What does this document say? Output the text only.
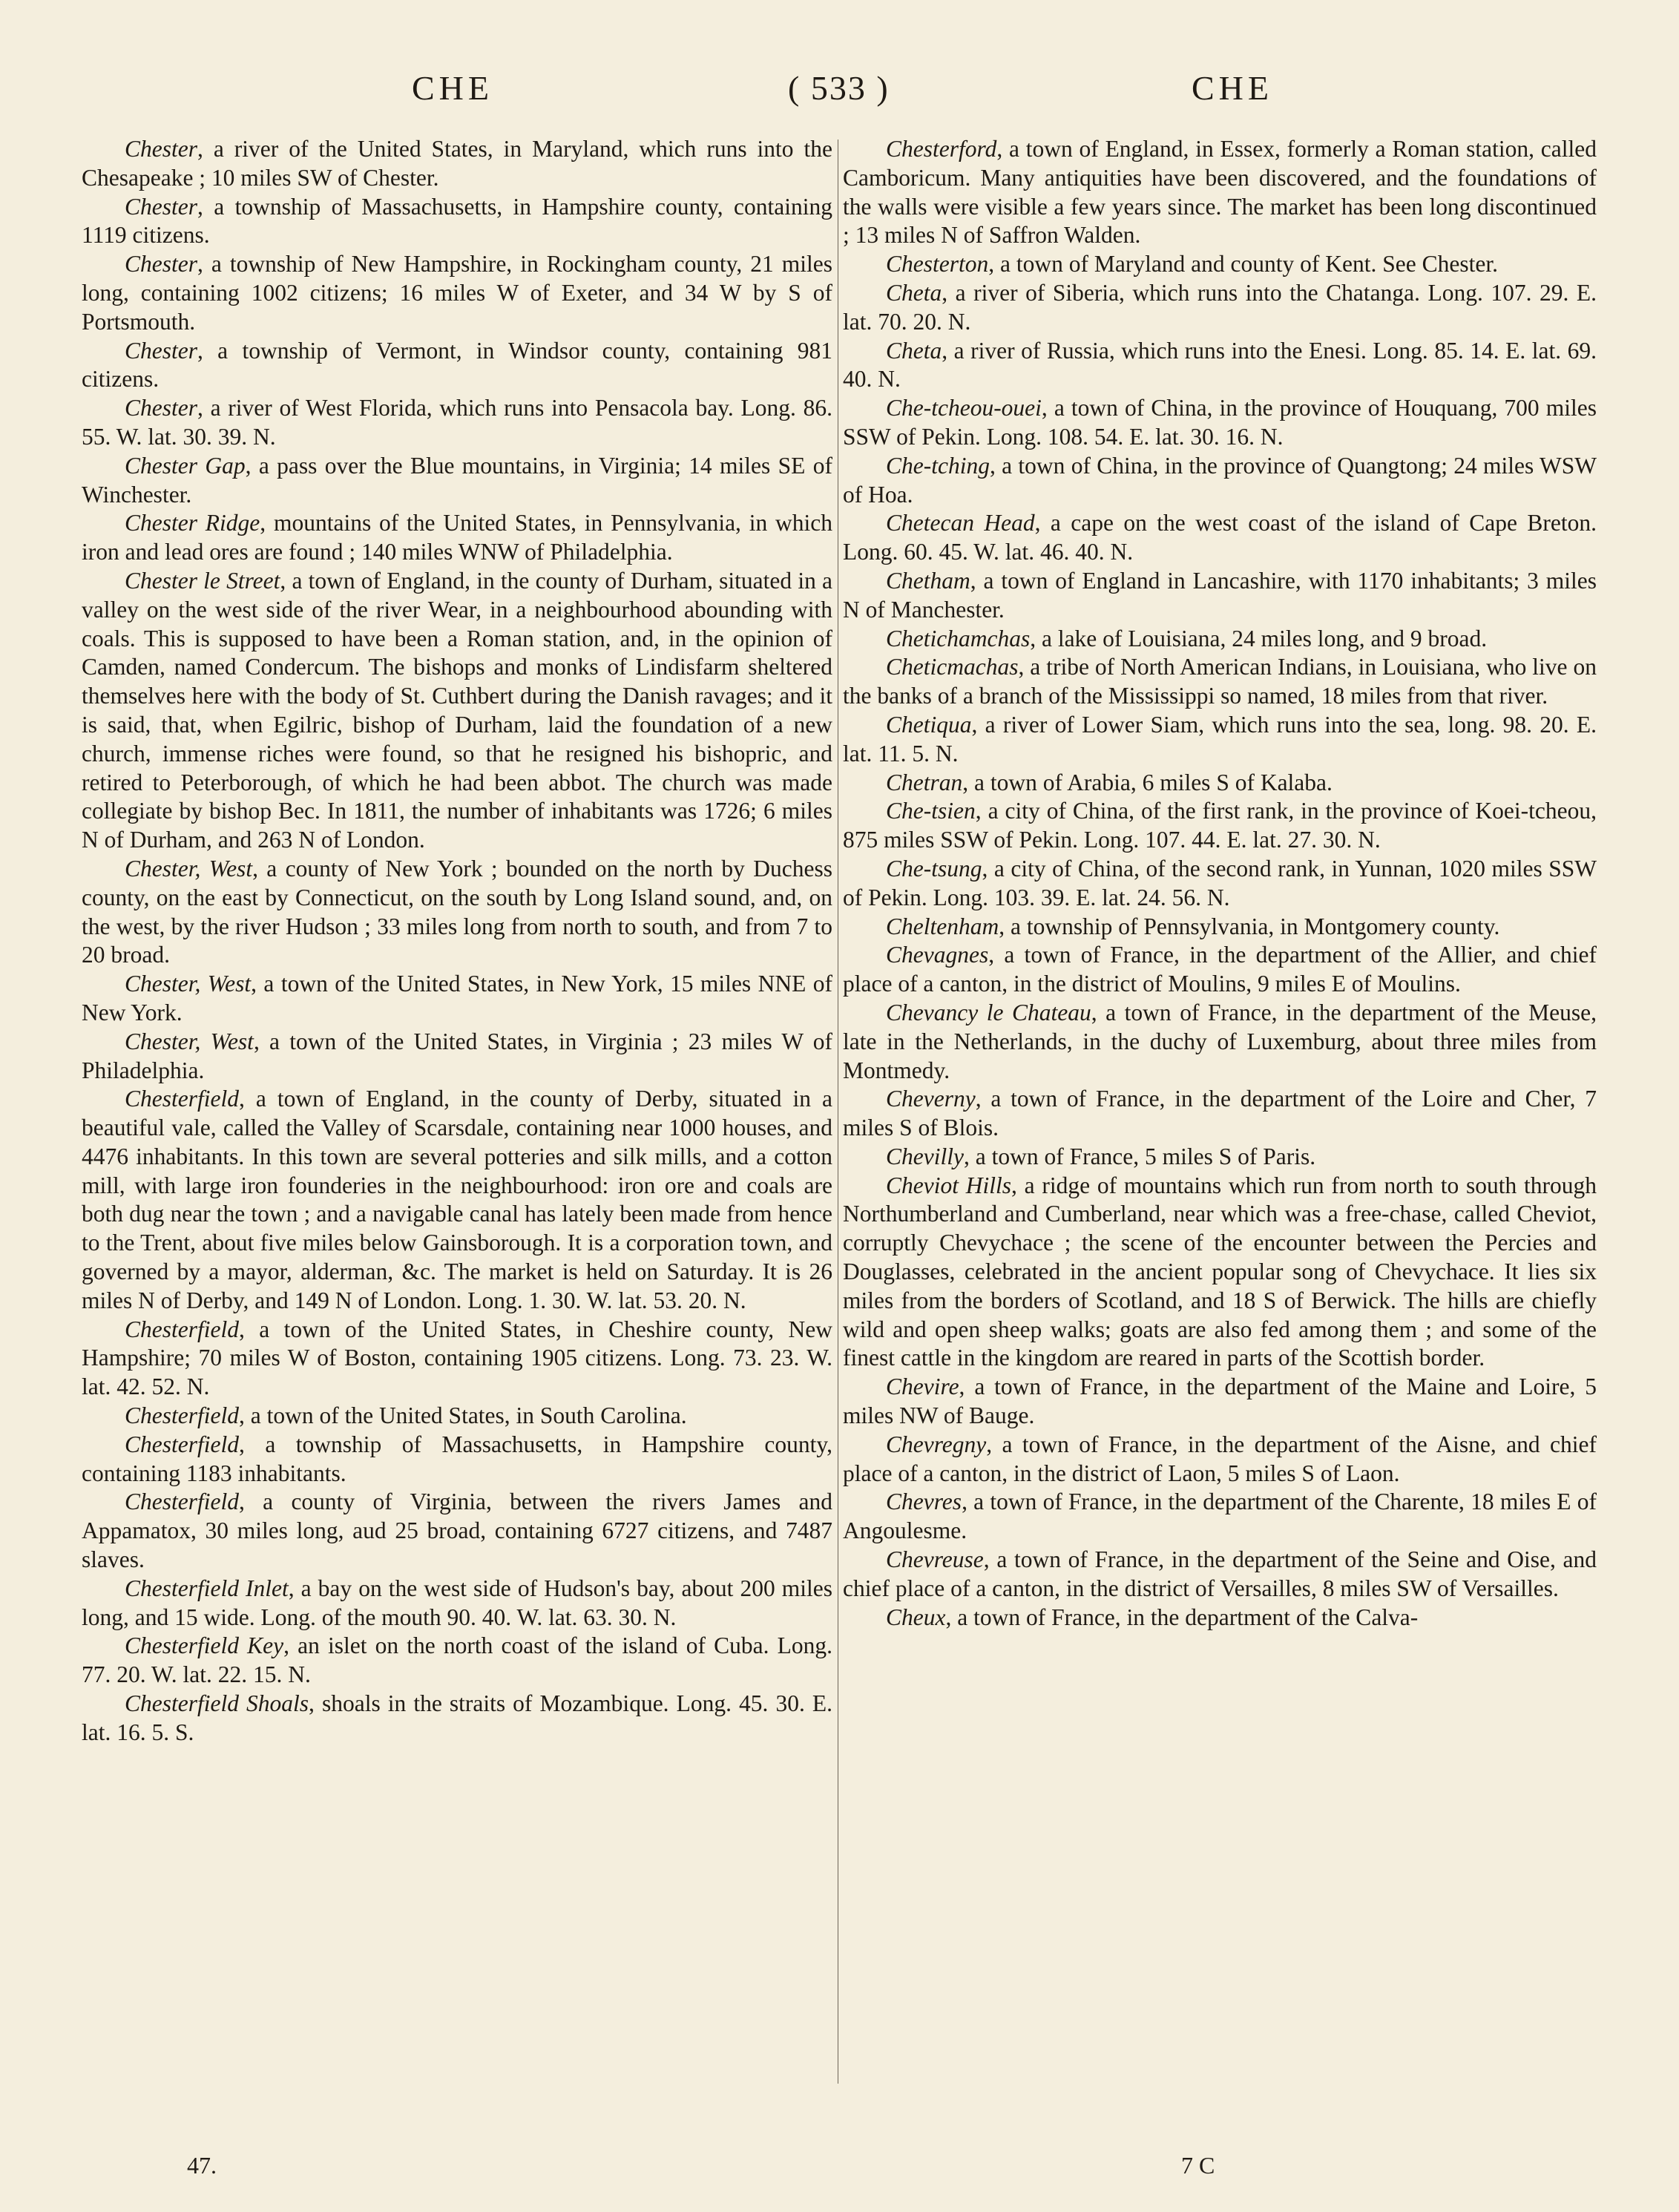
CHE	( 533 )	CHE

Chester, a river of the United States, in Maryland, which runs into the Chesapeake ; 10 miles SW of Chester.

Chester, a township of Massachusetts, in Hampshire county, containing 1119 citizens.

Chester, a township of New Hampshire, in Rockingham county, 21 miles long, containing 1002 citizens; 16 miles W of Exeter, and 34 W by S of Portsmouth.

Chester, a township of Vermont, in Windsor county, containing 981 citizens.

Chester, a river of West Florida, which runs into Pensacola bay. Long. 86. 55. W. lat. 30. 39. N.

Chester Gap, a pass over the Blue mountains, in Virginia; 14 miles SE of Winchester.

Chester Ridge, mountains of the United States, in Pennsylvania, in which iron and lead ores are found ; 140 miles WNW of Philadelphia.

Chester le Street, a town of England, in the county of Durham, situated in a valley on the west side of the river Wear, in a neighbourhood abounding with coals. This is supposed to have been a Roman station, and, in the opinion of Camden, named Condercum. The bishops and monks of Lindisfarm sheltered themselves here with the body of St. Cuthbert during the Danish ravages; and it is said, that, when Egilric, bishop of Durham, laid the foundation of a new church, immense riches were found, so that he resigned his bishopric, and retired to Peterborough, of which he had been abbot. The church was made collegiate by bishop Bec. In 1811, the number of inhabitants was 1726; 6 miles N of Durham, and 263 N of London.

Chester, West, a county of New York ; bounded on the north by Duchess county, on the east by Connecticut, on the south by Long Island sound, and, on the west, by the river Hudson ; 33 miles long from north to south, and from 7 to 20 broad.

Chester, West, a town of the United States, in New York, 15 miles NNE of New York.

Chester, West, a town of the United States, in Virginia ; 23 miles W of Philadelphia.

Chesterfield, a town of England, in the county of Derby, situated in a beautiful vale, called the Valley of Scarsdale, containing near 1000 houses, and 4476 inhabitants. In this town are several potteries and silk mills, and a cotton mill, with large iron founderies in the neighbourhood: iron ore and coals are both dug near the town ; and a navigable canal has lately been made from hence to the Trent, about five miles below Gainsborough. It is a corporation town, and governed by a mayor, alderman, &c. The market is held on Saturday. It is 26 miles N of Derby, and 149 N of London. Long. 1. 30. W. lat. 53. 20. N.

Chesterfield, a town of the United States, in Cheshire county, New Hampshire; 70 miles W of Boston, containing 1905 citizens. Long. 73. 23. W. lat. 42. 52. N.

Chesterfield, a town of the United States, in South Carolina.

Chesterfield, a township of Massachusetts, in Hampshire county, containing 1183 inhabitants.

Chesterfield, a county of Virginia, between the rivers James and Appamatox, 30 miles long, aud 25 broad, containing 6727 citizens, and 7487 slaves.

Chesterfield Inlet, a bay on the west side of Hudson's bay, about 200 miles long, and 15 wide. Long. of the mouth 90. 40. W. lat. 63. 30. N.

Chesterfield Key, an islet on the north coast of the island of Cuba. Long. 77. 20. W. lat. 22. 15. N.

Chesterfield Shoals, shoals in the straits of Mozambique. Long. 45. 30. E. lat. 16. 5. S.

Chesterford, a town of England, in Essex, formerly a Roman station, called Camboricum. Many antiquities have been discovered, and the foundations of the walls were visible a few years since. The market has been long discontinued ; 13 miles N of Saffron Walden.

Chesterton, a town of Maryland and county of Kent. See Chester.

Cheta, a river of Siberia, which runs into the Chatanga. Long. 107. 29. E. lat. 70. 20. N.

Cheta, a river of Russia, which runs into the Enesi. Long. 85. 14. E. lat. 69. 40. N.

Che-tcheou-ouei, a town of China, in the province of Houquang, 700 miles SSW of Pekin. Long. 108. 54. E. lat. 30. 16. N.

Che-tching, a town of China, in the province of Quangtong; 24 miles WSW of Hoa.

Chetecan Head, a cape on the west coast of the island of Cape Breton. Long. 60. 45. W. lat. 46. 40. N.

Chetham, a town of England in Lancashire, with 1170 inhabitants; 3 miles N of Manchester.

Chetichamchas, a lake of Louisiana, 24 miles long, and 9 broad.

Cheticmachas, a tribe of North American Indians, in Louisiana, who live on the banks of a branch of the Mississippi so named, 18 miles from that river.

Chetiqua, a river of Lower Siam, which runs into the sea, long. 98. 20. E. lat. 11. 5. N.

Chetran, a town of Arabia, 6 miles S of Kalaba.

Che-tsien, a city of China, of the first rank, in the province of Koei-tcheou, 875 miles SSW of Pekin. Long. 107. 44. E. lat. 27. 30. N.

Che-tsung, a city of China, of the second rank, in Yunnan, 1020 miles SSW of Pekin. Long. 103. 39. E. lat. 24. 56. N.

Cheltenham, a township of Pennsylvania, in Montgomery county.

Chevagnes, a town of France, in the department of the Allier, and chief place of a canton, in the district of Moulins, 9 miles E of Moulins.

Chevancy le Chateau, a town of France, in the department of the Meuse, late in the Netherlands, in the duchy of Luxemburg, about three miles from Montmedy.

Cheverny, a town of France, in the department of the Loire and Cher, 7 miles S of Blois.

Chevilly, a town of France, 5 miles S of Paris.

Cheviot Hills, a ridge of mountains which run from north to south through Northumberland and Cumberland, near which was a free-chase, called Cheviot, corruptly Chevychace ; the scene of the encounter between the Percies and Douglasses, celebrated in the ancient popular song of Chevychace. It lies six miles from the borders of Scotland, and 18 S of Berwick. The hills are chiefly wild and open sheep walks; goats are also fed among them ; and some of the finest cattle in the kingdom are reared in parts of the Scottish border.

Chevire, a town of France, in the department of the Maine and Loire, 5 miles NW of Bauge.

Chevregny, a town of France, in the department of the Aisne, and chief place of a canton, in the district of Laon, 5 miles S of Laon.

Chevres, a town of France, in the department of the Charente, 18 miles E of Angoulesme.

Chevreuse, a town of France, in the department of the Seine and Oise, and chief place of a canton, in the district of Versailles, 8 miles SW of Versailles.

Cheux, a town of France, in the department of the Calva-

47.	7 C
